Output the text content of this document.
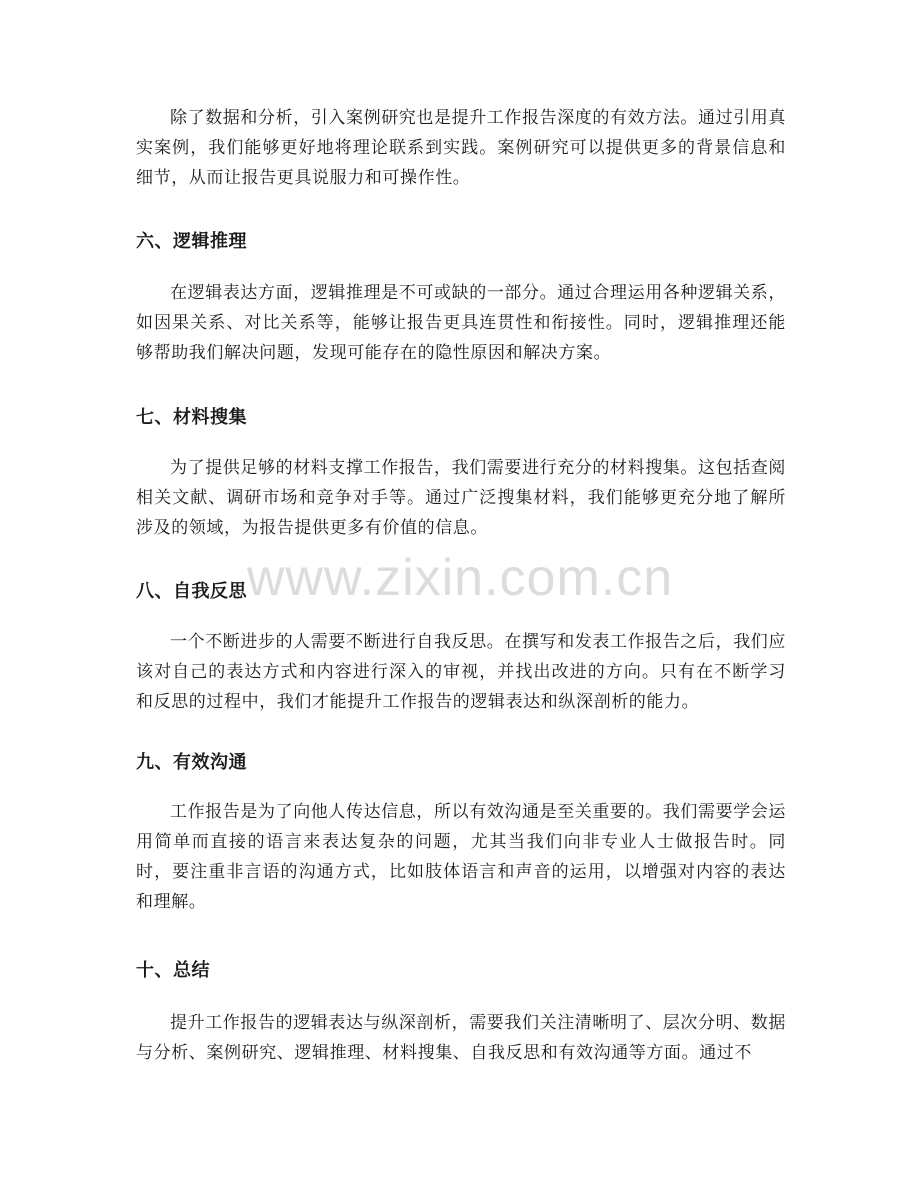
除了数据和分析，引入案例研究也是提升工作报告深度的有效方法。通过引用真实案例，我们能够更好地将理论联系到实践。案例研究可以提供更多的背景信息和细节，从而让报告更具说服力和可操作性。

六、逻辑推理

在逻辑表达方面，逻辑推理是不可或缺的一部分。通过合理运用各种逻辑关系，如因果关系、对比关系等，能够让报告更具连贯性和衔接性。同时，逻辑推理还能够帮助我们解决问题，发现可能存在的隐性原因和解决方案。

七、材料搜集

为了提供足够的材料支撑工作报告，我们需要进行充分的材料搜集。这包括查阅相关文献、调研市场和竞争对手等。通过广泛搜集材料，我们能够更充分地了解所涉及的领域，为报告提供更多有价值的信息。

八、自我反思

一个不断进步的人需要不断进行自我反思。在撰写和发表工作报告之后，我们应该对自己的表达方式和内容进行深入的审视，并找出改进的方向。只有在不断学习和反思的过程中，我们才能提升工作报告的逻辑表达和纵深剖析的能力。

九、有效沟通

工作报告是为了向他人传达信息，所以有效沟通是至关重要的。我们需要学会运用简单而直接的语言来表达复杂的问题，尤其当我们向非专业人士做报告时。同时，要注重非言语的沟通方式，比如肢体语言和声音的运用，以增强对内容的表达和理解。

十、总结

提升工作报告的逻辑表达与纵深剖析，需要我们关注清晰明了、层次分明、数据与分析、案例研究、逻辑推理、材料搜集、自我反思和有效沟通等方面。通过不

www.zixin.com.cn
